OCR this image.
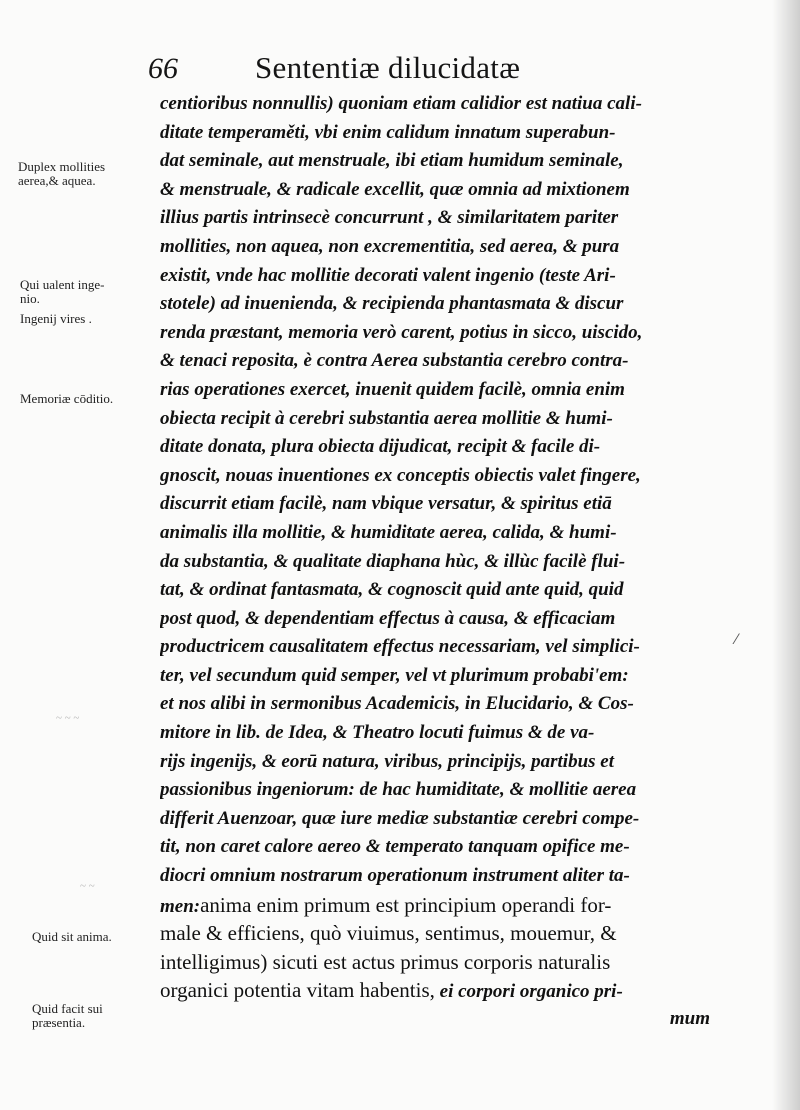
66 Sententiæ dilucidatæ
Duplex mollities
aerea,& aquea.
Qui ualent inge-
nio.
Ingenij vires .
Memoriæ cōditio.
Quid sit anima.
Quid facit sui
præsentia.
~ ~ ~
~ ~
⁄
centioribus nonnullis) quoniam etiam calidior est natiua cali-
ditate temperaměti, vbi enim calidum innatum superabun-
dat seminale, aut menstruale, ibi etiam humidum seminale,
& menstruale, & radicale excellit, quæ omnia ad mixtionem
illius partis intrinsecè concurrunt , & similaritatem pariter
mollities, non aquea, non excrementitia, sed aerea, & pura
existit, vnde hac mollitie decorati valent ingenio (teste Ari-
stotele) ad inuenienda, & recipienda phantasmata & discur
renda præstant, memoria verò carent, potius in sicco, uiscido,
& tenaci reposita, è contra Aerea substantia cerebro contra-
rias operationes exercet, inuenit quidem facilè, omnia enim
obiecta recipit à cerebri substantia aerea mollitie & humi-
ditate donata, plura obiecta dijudicat, recipit & facile di-
gnoscit, nouas inuentiones ex conceptis obiectis valet fingere,
discurrit etiam facilè, nam vbique versatur, & spiritus etiā
animalis illa mollitie, & humiditate aerea, calida, & humi-
da substantia, & qualitate diaphana hùc, & illùc facilè flui-
tat, & ordinat fantasmata, & cognoscit quid ante quid, quid
post quod, & dependentiam effectus à causa, & efficaciam
productricem causalitatem effectus necessariam, vel simplici-
ter, vel secundum quid semper, vel vt plurimum probabi'em:
et nos alibi in sermonibus Academicis, in Elucidario, & Cos-
mitore in lib. de Idea, & Theatro locuti fuimus & de va-
rijs ingenijs, & eorū natura, viribus, principijs, partibus et
passionibus ingeniorum: de hac humiditate, & mollitie aerea
differit Auenzoar, quæ iure mediæ substantiæ cerebri compe-
tit, non caret calore aereo & temperato tanquam opifice me-
diocri omnium nostrarum operationum instrument aliter ta-
men:anima enim primum est principium operandi for-
male & efficiens, quò viuimus, sentimus, mouemur, &
intelligimus) sicuti est actus primus corporis naturalis
organici potentia vitam habentis, ei corpori organico pri-
mum
